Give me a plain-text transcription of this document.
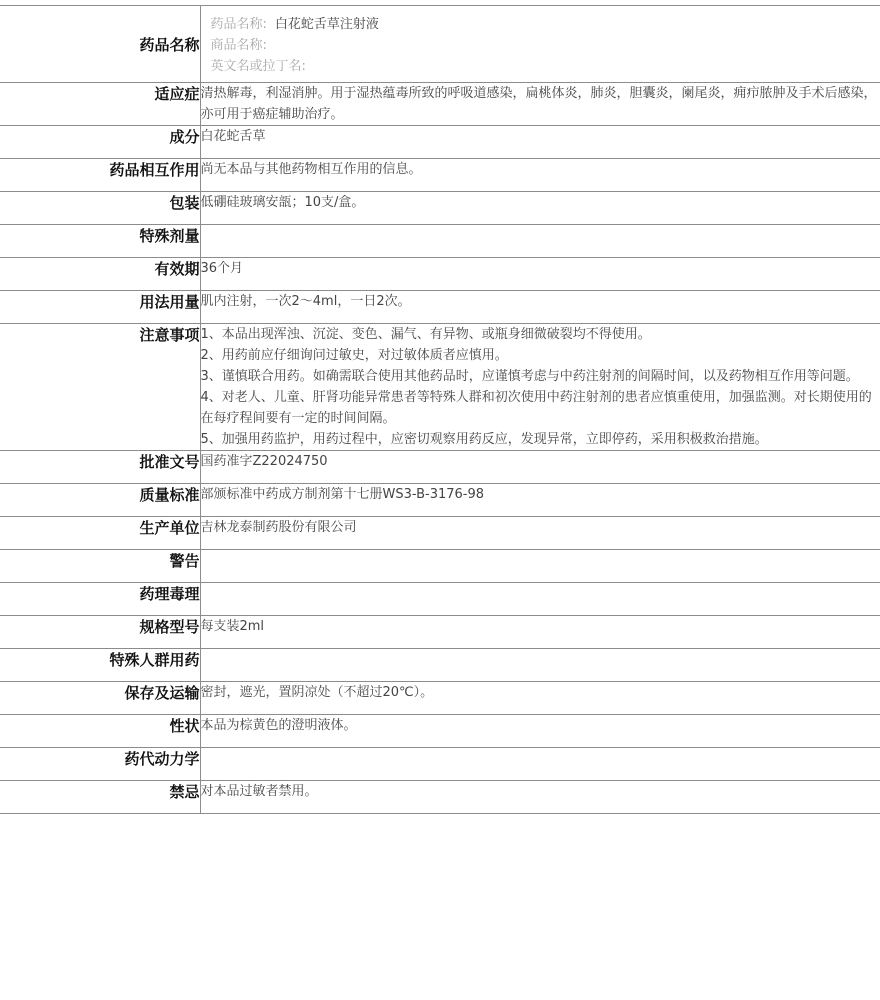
药品名称	药品名称: 白花蛇舌草注射液
商品名称:
英文名或拉丁名:

适应症	清热解毒，利湿消肿。用于湿热蕴毒所致的呼吸道感染，扁桃体炎，肺炎，胆囊炎，阑尾炎，痈疖脓肿及手术后感染，亦可用于癌症辅助治疗。

成分	白花蛇舌草

药品相互作用	尚无本品与其他药物相互作用的信息。

包装	低硼硅玻璃安瓿；10支/盒。

特殊剂量	

有效期	36个月

用法用量	肌内注射，一次2～4ml，一日2次。

注意事项	1、本品出现浑浊、沉淀、变色、漏气、有异物、或瓶身细微破裂均不得使用。
2、用药前应仔细询问过敏史，对过敏体质者应慎用。
3、谨慎联合用药。如确需联合使用其他药品时，应谨慎考虑与中药注射剂的间隔时间，以及药物相互作用等问题。
4、对老人、儿童、肝肾功能异常患者等特殊人群和初次使用中药注射剂的患者应慎重使用，加强监测。对长期使用的在每疗程间要有一定的时间间隔。
5、加强用药监护，用药过程中，应密切观察用药反应，发现异常，立即停药，采用积极救治措施。

批准文号	国药准字Z22024750

质量标准	部颁标准中药成方制剂第十七册WS3-B-3176-98

生产单位	吉林龙泰制药股份有限公司

警告	

药理毒理	

规格型号	每支装2ml

特殊人群用药	

保存及运输	密封，遮光，置阴凉处（不超过20℃）。

性状	本品为棕黄色的澄明液体。

药代动力学	

禁忌	对本品过敏者禁用。
